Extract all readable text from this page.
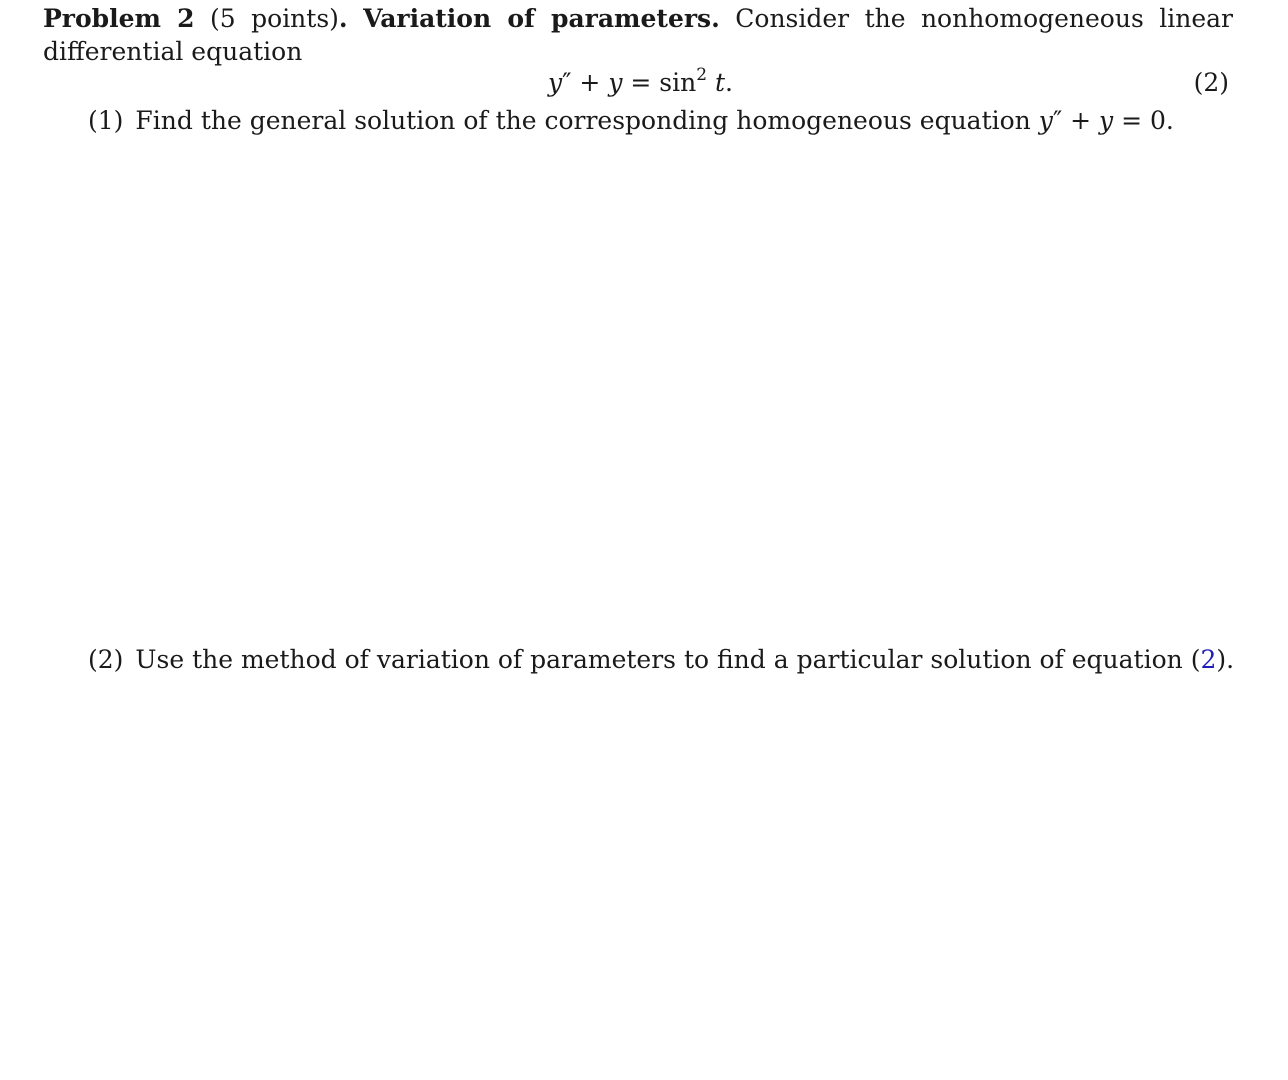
Problem 2 (5 points). Variation of parameters. Consider the nonhomogeneous linear differential equation
$y'' + y = \sin^2 t$.	(2)
(1) Find the general solution of the corresponding homogeneous equation y″ + y = 0.
(2) Use the method of variation of parameters to find a particular solution of equation (2).
